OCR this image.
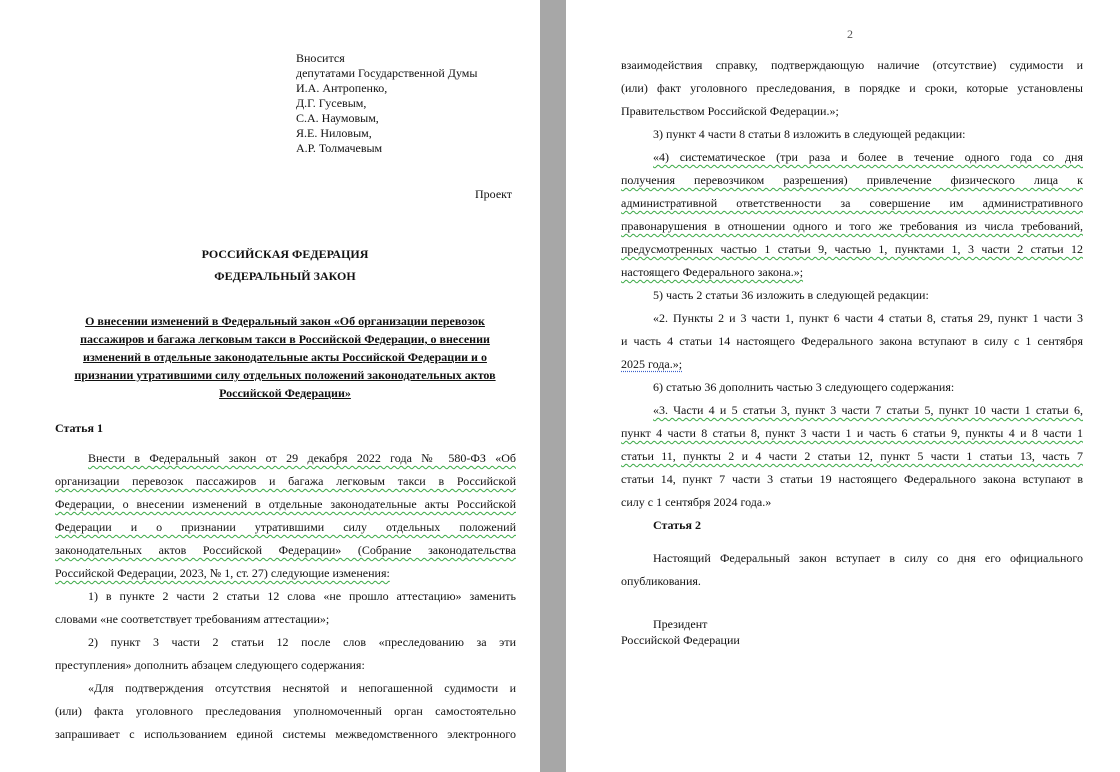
Вносится
депутатами Государственной Думы
И.А. Антропенко,
Д.Г. Гусевым,
С.А. Наумовым,
Я.Е. Ниловым,
А.Р. Толмачевым
Проект
РОССИЙСКАЯ ФЕДЕРАЦИЯ
ФЕДЕРАЛЬНЫЙ ЗАКОН
О внесении изменений в Федеральный закон «Об организации перевозок
пассажиров и багажа легковым такси в Российской Федерации, о внесении
изменений в отдельные законодательные акты Российской Федерации и о
признании утратившими силу отдельных положений законодательных актов
Российской Федерации»
Статья 1
Внести в Федеральный закон от 29 декабря 2022 года № 580-ФЗ «Об
организации перевозок пассажиров и багажа легковым такси в Российской
Федерации, о внесении изменений в отдельные законодательные акты Российской
Федерации и о признании утратившими силу отдельных положений
законодательных актов Российской Федерации» (Собрание законодательства
Российской Федерации, 2023, № 1, ст. 27) следующие изменения:
1) в пункте 2 части 2 статьи 12 слова «не прошло аттестацию» заменить
словами «не соответствует требованиям аттестации»;
2) пункт 3 части 2 статьи 12 после слов «преследованию за эти
преступления» дополнить абзацем следующего содержания:
«Для подтверждения отсутствия неснятой и непогашенной судимости и
(или) факта уголовного преследования уполномоченный орган самостоятельно
запрашивает с использованием единой системы межведомственного электронного
2
взаимодействия справку, подтверждающую наличие (отсутствие) судимости и
(или) факт уголовного преследования, в порядке и сроки, которые установлены
Правительством Российской Федерации.»;
3) пункт 4 части 8 статьи 8 изложить в следующей редакции:
«4) систематическое (три раза и более в течение одного года со дня
получения перевозчиком разрешения) привлечение физического лица к
административной ответственности за совершение им административного
правонарушения в отношении одного и того же требования из числа требований,
предусмотренных частью 1 статьи 9, частью 1, пунктами 1, 3 части 2 статьи 12
настоящего Федерального закона.»;
5) часть 2 статьи 36 изложить в следующей редакции:
«2. Пункты 2 и 3 части 1, пункт 6 части 4 статьи 8, статья 29, пункт 1 части 3
и часть 4 статьи 14 настоящего Федерального закона вступают в силу с 1 сентября
2025 года.»;
6) статью 36 дополнить частью 3 следующего содержания:
«3. Части 4 и 5 статьи 3, пункт 3 части 7 статьи 5, пункт 10 части 1 статьи 6,
пункт 4 части 8 статьи 8, пункт 3 части 1 и часть 6 статьи 9, пункты 4 и 8 части 1
статьи 11, пункты 2 и 4 части 2 статьи 12, пункт 5 части 1 статьи 13, часть 7
статьи 14, пункт 7 части 3 статьи 19 настоящего Федерального закона вступают в
силу с 1 сентября 2024 года.»
Статья 2
Настоящий Федеральный закон вступает в силу со дня его официального
опубликования.
Президент
Российской Федерации
